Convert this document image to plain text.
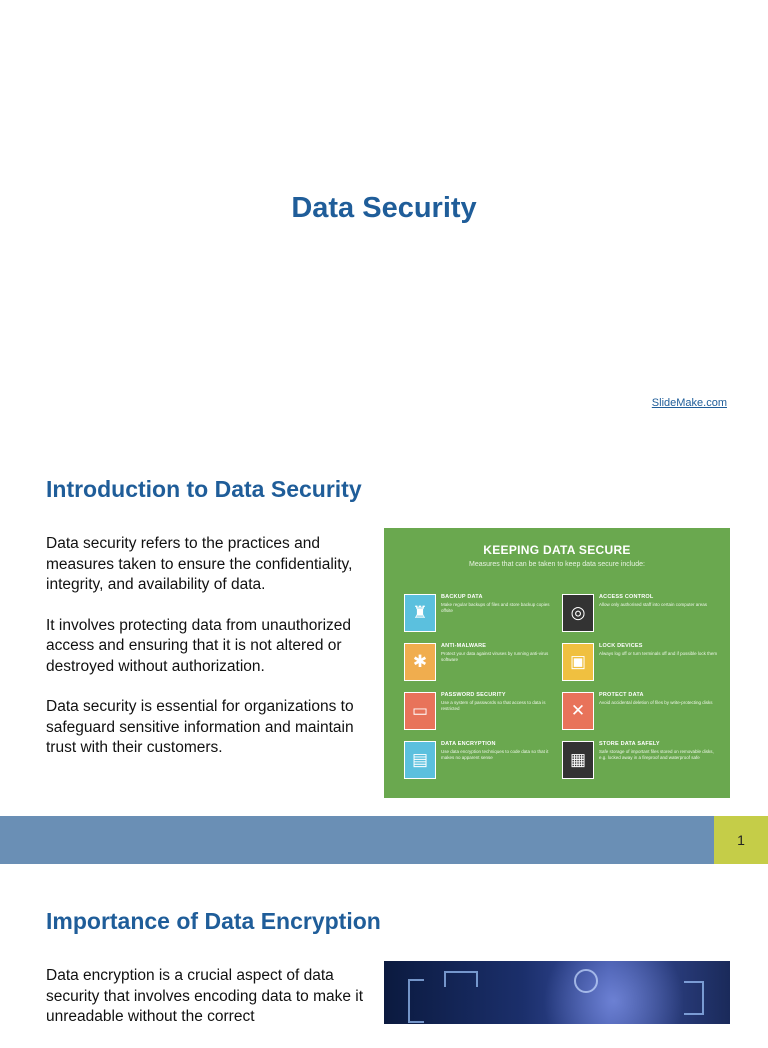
Data Security
SlideMake.com
Introduction to Data Security

Data security refers to the practices and measures taken to ensure the confidentiality, integrity, and availability of data.

It involves protecting data from unauthorized access and ensuring that it is not altered or destroyed without authorization.

Data security is essential for organizations to safeguard sensitive information and maintain trust with their customers.

KEEPING DATA SECURE
Measures that can be taken to keep data secure include:
♜
BACKUP DATA
Make regular backups of files and store backup copies offsite	◎
ACCESS CONTROL
Allow only authorised staff into certain computer areas
✱
ANTI-MALWARE
Protect your data against viruses by running anti-virus software	▣
LOCK DEVICES
Always log off or turn terminals off and if possible lock them
▭
PASSWORD SECURITY
Use a system of passwords so that access to data is restricted	✕
PROTECT DATA
Avoid accidental deletion of files by write-protecting disks
▤
DATA ENCRYPTION
Use data encryption techniques to code data so that it makes no apparent sense	▦
STORE DATA SAFELY
Safe storage of important files stored on removable disks, e.g. locked away in a fireproof and waterproof safe
1
Importance of Data Encryption

Data encryption is a crucial aspect of data security that involves encoding data to make it unreadable without the correct
